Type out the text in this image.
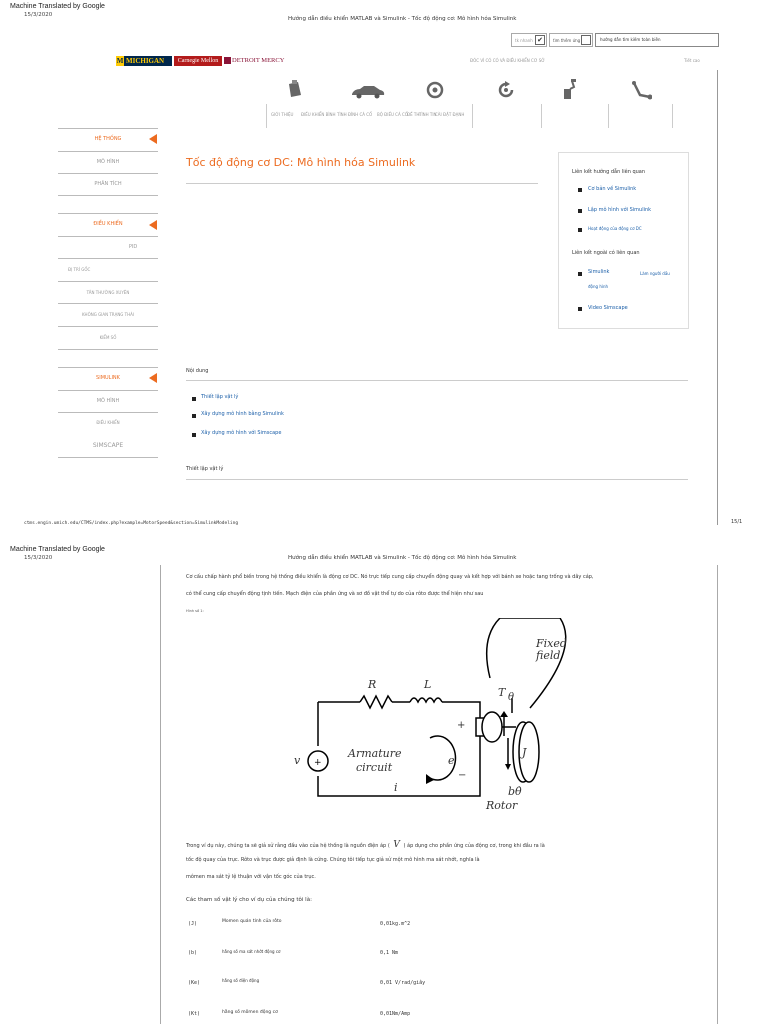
Machine Translated by Google
15/3/2020
Hướng dẫn điều khiển MATLAB và Simulink - Tốc độ động cơ: Mô hình hóa Simulink
tk nhanh ✔	tìm thêm ứng	hướng dẫn tìm kiếm toàn biên
M MICHIGAN	Carnegie Mellon	DETROIT MERCY	ĐÓC VÍ CÓ CÓ VÀ ĐIỀU KHIỂN CƠ SỞ	Tiết cao
GIỚI THIỆU ĐIỀU KHIỂN BÌNH TÌNH ĐÍNH CÁ CỐ BỘ ĐIỀU CÁ CỐ ĐỀ THI
TÌNH TIN
CÀI ĐẶT ĐẠNH
HỆ THỐNG
MÔ HÌNH
PHÂN TÍCH
ĐIỀU KHIỂN
PID
ĐỊ TRÍ GỐC
TÂN THƯỜNG XUYÊN
KHÔNG GIAN TRẠNG THÁI
KIỂM SỐ
SIMULINK
MÔ HÌNH
ĐIỀU KHIỂN
SIMSCAPE
Tốc độ động cơ DC: Mô hình hóa Simulink
Liên kết hướng dẫn liên quan
Cơ bản về Simulink
Lập mô hình với Simulink
Hoạt động của động cơ DC
Liên kết ngoài có liên quan
Simulink	Làm người dầu
động hình
Video Simscape
Nội dung
Thiết lập vật lý
Xây dựng mô hình bằng Simulink
Xây dựng mô hình với Simscape
Thiết lập vật lý
ctms.engin.umich.edu/CTMS/index.php?example=MotorSpeed&section=SimulinkModeling	15/1
Machine Translated by Google
15/3/2020	Hướng dẫn điều khiển MATLAB và Simulink - Tốc độ động cơ: Mô hình hóa Simulink
Cơ cấu chấp hành phổ biến trong hệ thống điều khiển là động cơ DC. Nó trực tiếp cung cấp chuyển động quay và kết hợp với bánh xe hoặc tang trống và dây cáp,
có thể cung cấp chuyển động tịnh tiến. Mạch điện của phần ứng và sơ đồ vật thể tự do của rôto được thể hiện như sau
Hình số 1:
+
Fixed
field
R	L
T θ
v	e
i
J
Armature
circuit
bθ̇
Rotor
+
−
Trong ví dụ này, chúng ta sẽ giả sử rằng đầu vào của hệ thống là nguồn điện áp ( V ) áp dụng cho phần ứng của động cơ, trong khi đầu ra là
tốc độ quay của trục. Rôto và trục được giả định là cứng. Chúng tôi tiếp tục giả sử một mô hình ma sát nhớt, nghĩa là
mômen ma sát tỷ lệ thuận với vận tốc góc của trục.
Các tham số vật lý cho ví dụ của chúng tôi là:
(J)	Momen quán tính của rôto	0,01kg.m^2
(b)	hằng số ma sát nhớt động cơ	0,1 Nm
(Ke)	hằng số điện động	0,01 V/rad/giây
(Kt)	hằng số mômen động cơ	0,01Nm/Amp
